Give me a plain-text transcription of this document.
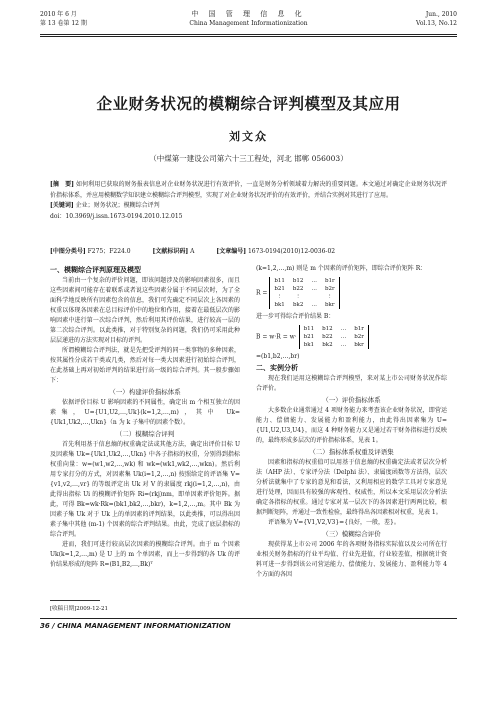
2010 年 6 月
第 13 卷第 12 期
中 国 管 理 信 息 化
China Management Informationization
Jun., 2010
Vol.13, No.12
企业财务状况的模糊综合评判模型及其应用
刘文众
（中煤第一建设公司第六十三工程处，河北 邯郸 056003）
[摘　要] 如何利用已获取的财务报表信息对企业财务状况进行有效评价，一直是财务分析领域着力解决的重要问题。本文通过对确定企业财务状况评价指标体系，并应用模糊数学知识建立模糊综合评判模型，实现了对企业财务状况评价的有效评价，并结合实例对其进行了应用。
[关键词] 企业；财务状况；模糊综合评判
doi：10.3969/j.issn.1673-0194.2010.12.015
[中图分类号] F275；F224.0	[文献标识码] A	[文章编号] 1673-0194(2010)12-0036-02
一、模糊综合评判原理及模型

当前由一个复杂的评价问题，即该问题涉及的影响因素很多，而且这些因素间可能存在着联系或者说这些因素分属于不同层次时，为了全面科学地反映所有因素包含的信息，我们可先确定不同层次上各因素的权重以体现各因素在总目标评价中的地位和作用，接着在最低层次的影响因素中进行第一次综合评判，然后利用其评价结果，进行较高一层的第二次综合评判。以此类推，对于特别复杂的问题，我们仍可采用此种层层递进的方法实现对目标的评判。

所谓模糊综合评判法，就是先把受评判的同一类事物的多种因素，按其属性分成若干类或几类，然后对每一类大因素进行初始综合评判，在此基础上再对初始评判的结果进行高一级的综合评判。其一般步骤如下：

（一）构建评价指标体系

依据评价目标 U 影响因素的不同属性，确定出 m 个相互独立的因素集，U={U1,U2,…,Uk}(k=1,2,…,m)，其中 Uk={Uk1,Uk2,…,Ukn}（n 为 k 子集中的因素个数）。

（二）模糊综合评判

首先利用基于信息熵的权重确定法或其他方法，确定出评价目标 U 及因素集 Uk={Uk1,Uk2,…,Ukn} 中各子指标的权重，分别得到指标权重向量：w=(w1,w2,…,wk) 和 wk=(wk1,wk2,…,wkn)。然后利用专家打分的方式，对因素集 Uk(i=1,2,…,n) 按照给定的评语集 V={v1,v2,…,vr} 的等级评定出 Uk 对 V 的隶属度 rkj(i=1,2,…,n)，由此得出指标 Ui 的模糊评价矩阵 Ri=(rkj)nm，即单因素评价矩阵。据此，可得 Bk=wk·Rk=(bk1,bk2,…,bkr)，k=1,2,…,m。其中 Bk 为因素子集 Uk 对于 Uk 上的单因素的评判结果，以此类推，可以得出因素子集中其他 (m-1) 个因素的综合评判结果。由此，完成了底层指标的综合评判。

进而，我们可进行较高层次因素的模糊综合评判。由于 m 个因素 Uk(k=1,2,…,m) 是 U 上的 m 个单因素，而上一步得到的各 Uk 的评价结果形成的矩阵 R=(B1,B2,…,Bk)ᵀ

(k=1,2,…,m) 则是 m 个因素的评价矩阵，即综合评价矩阵 R：
R =
b11	b12	…	b1r
b21	b22	…	b2r
⋮	⋮		⋮
bk1	bk2	…	bkr
进一步可得综合评价结果 B：
B = w·R = w·
b11	b12	…	b1r
b21	b22	…	b2r
bk1	bk2	…	bkr
=(b1,b2,…,br)
二、实例分析

现在我们运用这模糊综合评判模型，来对某上市公司财务状况作综合评价。

（一）评价指标体系

大多数企业通常通过 4 项财务能力来考查该企业财务状况，即营运能力、偿债能力、发展能力和盈利能力，由此得出因素集为 U={U1,U2,U3,U4}，而这 4 种财务能力又是通过若干财务指标进行反映的，最终形成多层次的评价指标体系，见表 1。

（二）指标体系权重及评语集

因素和指标的权重值可以用基于信息熵的权重确定法或者层次分析法（AHP 法）、专家评分法（Delphi 法）、隶属度函数等方法得，层次分析法就集中了专家的意见和看法，又利用相应的数学工具对专家意见进行处理，因而具有较强的客观性、权威性，所以本文采用层次分析法确定各指标的权重。通过专家对某一层次下的各因素进行两两比较，根据判断矩阵，并通过一致性检验，最终得出各因素相对权重，见表 1。

评语集为 V={V1,V2,V3}={良好，一般，差}。

（三）模糊综合评价

现获得某上市公司 2006 年的各项财务指标实际值以及公司所在行业相关财务指标的行业平均值、行业先进值，行业较差值，根据统计资料可进一步得到该公司营运能力、偿债能力、发展能力、盈利能力等 4 个方面的各因

[收稿日期]2009-12-21
36 / CHINA MANAGEMENT INFORMATIONIZATION
